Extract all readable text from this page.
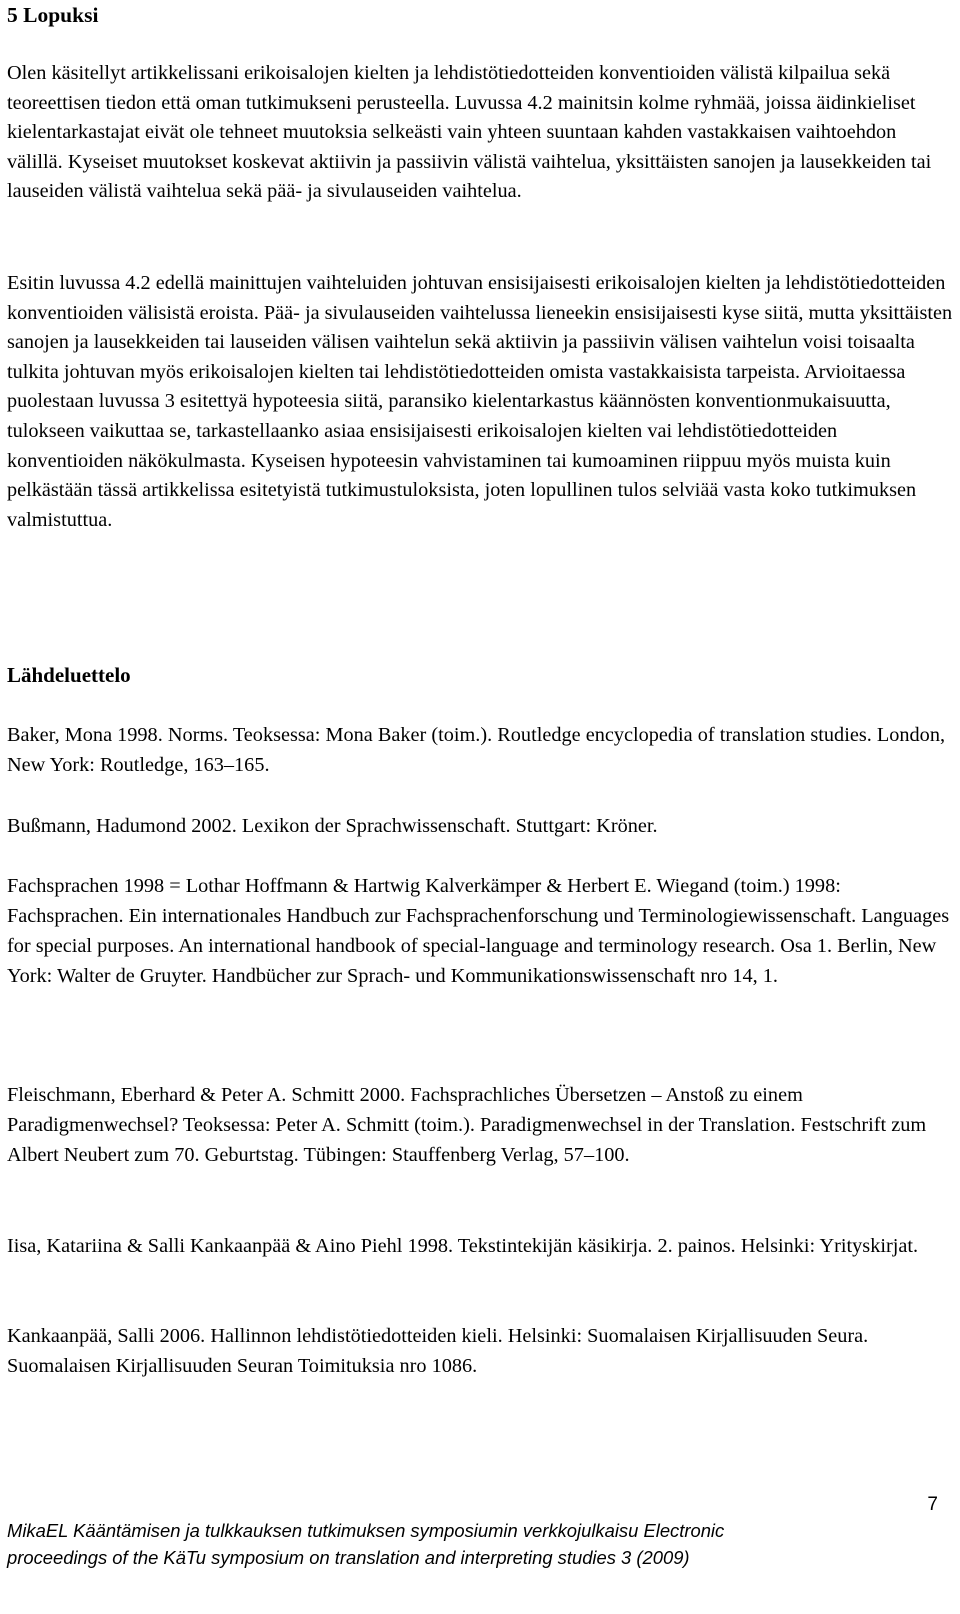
5 Lopuksi

Olen käsitellyt artikkelissani erikoisalojen kielten ja lehdistötiedotteiden konventioiden välistä kilpailua sekä teoreettisen tiedon että oman tutkimukseni perusteella. Luvussa 4.2 mainitsin kolme ryhmää, joissa äidinkieliset kielentarkastajat eivät ole tehneet muutoksia selkeästi vain yhteen suuntaan kahden vastakkaisen vaihtoehdon välillä. Kyseiset muutokset koskevat aktiivin ja passiivin välistä vaihtelua, yksittäisten sanojen ja lausekkeiden tai lauseiden välistä vaihtelua sekä pää- ja sivulauseiden vaihtelua.

Esitin luvussa 4.2 edellä mainittujen vaihteluiden johtuvan ensisijaisesti erikoisalojen kielten ja lehdistötiedotteiden konventioiden välisistä eroista. Pää- ja sivulauseiden vaihtelussa lieneekin ensisijaisesti kyse siitä, mutta yksittäisten sanojen ja lausekkeiden tai lauseiden välisen vaihtelun sekä aktiivin ja passiivin välisen vaihtelun voisi toisaalta tulkita johtuvan myös erikoisalojen kielten tai lehdistötiedotteiden omista vastakkaisista tarpeista. Arvioitaessa puolestaan luvussa 3 esitettyä hypoteesia siitä, paransiko kielentarkastus käännösten konventionmukaisuutta, tulokseen vaikuttaa se, tarkastellaanko asiaa ensisijaisesti erikoisalojen kielten vai lehdistötiedotteiden konventioiden näkökulmasta. Kyseisen hypoteesin vahvistaminen tai kumoaminen riippuu myös muista kuin pelkästään tässä artikkelissa esitetyistä tutkimustuloksista, joten lopullinen tulos selviää vasta koko tutkimuksen valmistuttua.

Lähdeluettelo

Baker, Mona 1998. Norms. Teoksessa: Mona Baker (toim.). Routledge encyclopedia of translation studies. London, New York: Routledge, 163–165.

Bußmann, Hadumond 2002. Lexikon der Sprachwissenschaft. Stuttgart: Kröner.

Fachsprachen 1998 = Lothar Hoffmann & Hartwig Kalverkämper & Herbert E. Wiegand (toim.) 1998: Fachsprachen. Ein internationales Handbuch zur Fachsprachenforschung und Terminologiewissenschaft. Languages for special purposes. An international handbook of special-language and terminology research. Osa 1. Berlin, New York: Walter de Gruyter. Handbücher zur Sprach- und Kommunikationswissenschaft nro 14, 1.

Fleischmann, Eberhard & Peter A. Schmitt 2000. Fachsprachliches Übersetzen – Anstoß zu einem Paradigmenwechsel? Teoksessa: Peter A. Schmitt (toim.). Paradigmenwechsel in der Translation. Festschrift zum Albert Neubert zum 70. Geburtstag. Tübingen: Stauffenberg Verlag, 57–100.

Iisa, Katariina & Salli Kankaanpää & Aino Piehl 1998. Tekstintekijän käsikirja. 2. painos. Helsinki: Yrityskirjat.

Kankaanpää, Salli 2006. Hallinnon lehdistötiedotteiden kieli. Helsinki: Suomalaisen Kirjallisuuden Seura. Suomalaisen Kirjallisuuden Seuran Toimituksia nro 1086.

7

MikaEL Kääntämisen ja tulkkauksen tutkimuksen symposiumin verkkojulkaisu Electronic
proceedings of the KäTu symposium on translation and interpreting studies 3 (2009)
